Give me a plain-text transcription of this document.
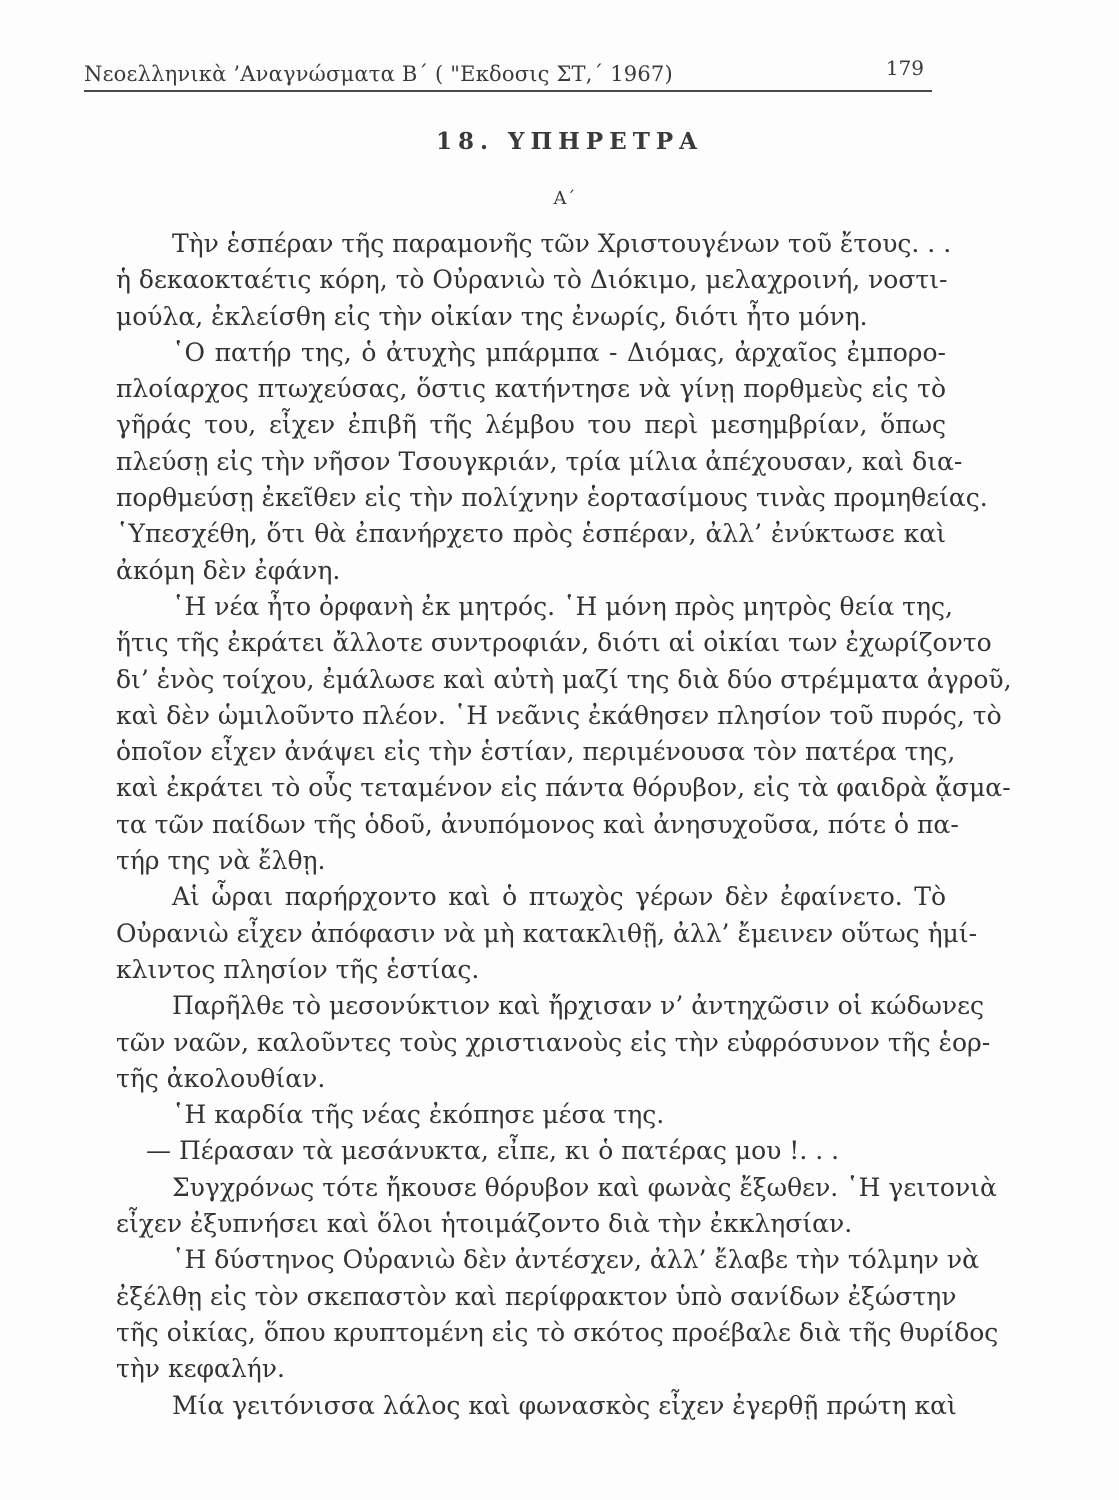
Νεοελληνικὰ ’Αναγνώσματα Β΄ ( "Εκδοσις ΣΤ,΄ 1967)	179
18. ΥΠΗΡΕΤΡΑ
Α΄
Τὴν ἑσπέραν τῆς παραμονῆς τῶν Χριστουγένων τοῦ ἔτους. . .
ἡ δεκαοκταέτις κόρη, τὸ Οὐρανιὼ τὸ Διόκιμο, μελαχροινή, νοστι-
μούλα, ἐκλείσθη εἰς τὴν οἰκίαν της ἐνωρίς, διότι ἦτο μόνη.
῾Ο πατήρ της, ὁ ἀτυχὴς μπάρμπα - Διόμας, ἀρχαῖος ἐμπορο-
πλοίαρχος πτωχεύσας, ὅστις κατήντησε νὰ γίνῃ πορθμεὺς εἰς τὸ
γῆράς του, εἶχεν ἐπιβῆ τῆς λέμβου του περὶ μεσημβρίαν, ὅπως
πλεύσῃ εἰς τὴν νῆσον Τσουγκριάν, τρία μίλια ἀπέχουσαν, καὶ δια-
πορθμεύσῃ ἐκεῖθεν εἰς τὴν πολίχνην ἑορτασίμους τινὰς προμηθείας.
῾Υπεσχέθη, ὅτι θὰ ἐπανήρχετο πρὸς ἑσπέραν, ἀλλ’ ἐνύκτωσε καὶ
ἀκόμη δὲν ἐφάνη.
῾Η νέα ἦτο ὀρφανὴ ἐκ μητρός. ῾Η μόνη πρὸς μητρὸς θεία της,
ἥτις τῆς ἐκράτει ἄλλοτε συντροφιάν, διότι αἱ οἰκίαι των ἐχωρίζοντο
δι’ ἑνὸς τοίχου, ἐμάλωσε καὶ αὐτὴ μαζί της διὰ δύο στρέμματα ἀγροῦ,
καὶ δὲν ὡμιλοῦντο πλέον. ῾Η νεᾶνις ἐκάθησεν πλησίον τοῦ πυρός, τὸ
ὁποῖον εἶχεν ἀνάψει εἰς τὴν ἑστίαν, περιμένουσα τὸν πατέρα της,
καὶ ἐκράτει τὸ οὖς τεταμένον εἰς πάντα θόρυβον, εἰς τὰ φαιδρὰ ᾄσμα-
τα τῶν παίδων τῆς ὁδοῦ, ἀνυπόμονος καὶ ἀνησυχοῦσα, πότε ὁ πα-
τήρ της νὰ ἔλθῃ.
Αἱ ὧραι παρήρχοντο καὶ ὁ πτωχὸς γέρων δὲν ἐφαίνετο. Τὸ
Οὐρανιὼ εἶχεν ἀπόφασιν νὰ μὴ κατακλιθῇ, ἀλλ’ ἔμεινεν οὕτως ἡμί-
κλιντος πλησίον τῆς ἑστίας.
Παρῆλθε τὸ μεσονύκτιον καὶ ἤρχισαν ν’ ἀντηχῶσιν οἱ κώδωνες
τῶν ναῶν, καλοῦντες τοὺς χριστιανοὺς εἰς τὴν εὐφρόσυνον τῆς ἑορ-
τῆς ἀκολουθίαν.
῾Η καρδία τῆς νέας ἐκόπησε μέσα της.
— Πέρασαν τὰ μεσάνυκτα, εἶπε, κι ὁ πατέρας μου !. . .
Συγχρόνως τότε ἤκουσε θόρυβον καὶ φωνὰς ἔξωθεν. ῾Η γειτονιὰ
εἶχεν ἐξυπνήσει καὶ ὅλοι ἡτοιμάζοντο διὰ τὴν ἐκκλησίαν.
῾Η δύστηνος Οὐρανιὼ δὲν ἀντέσχεν, ἀλλ’ ἔλαβε τὴν τόλμην νὰ
ἐξέλθῃ εἰς τὸν σκεπαστὸν καὶ περίφρακτον ὑπὸ σανίδων ἐξώστην
τῆς οἰκίας, ὅπου κρυπτομένη εἰς τὸ σκότος προέβαλε διὰ τῆς θυρίδος
τὴν κεφαλήν.
Μία γειτόνισσα λάλος καὶ φωνασκὸς εἶχεν ἐγερθῇ πρώτη καὶ
